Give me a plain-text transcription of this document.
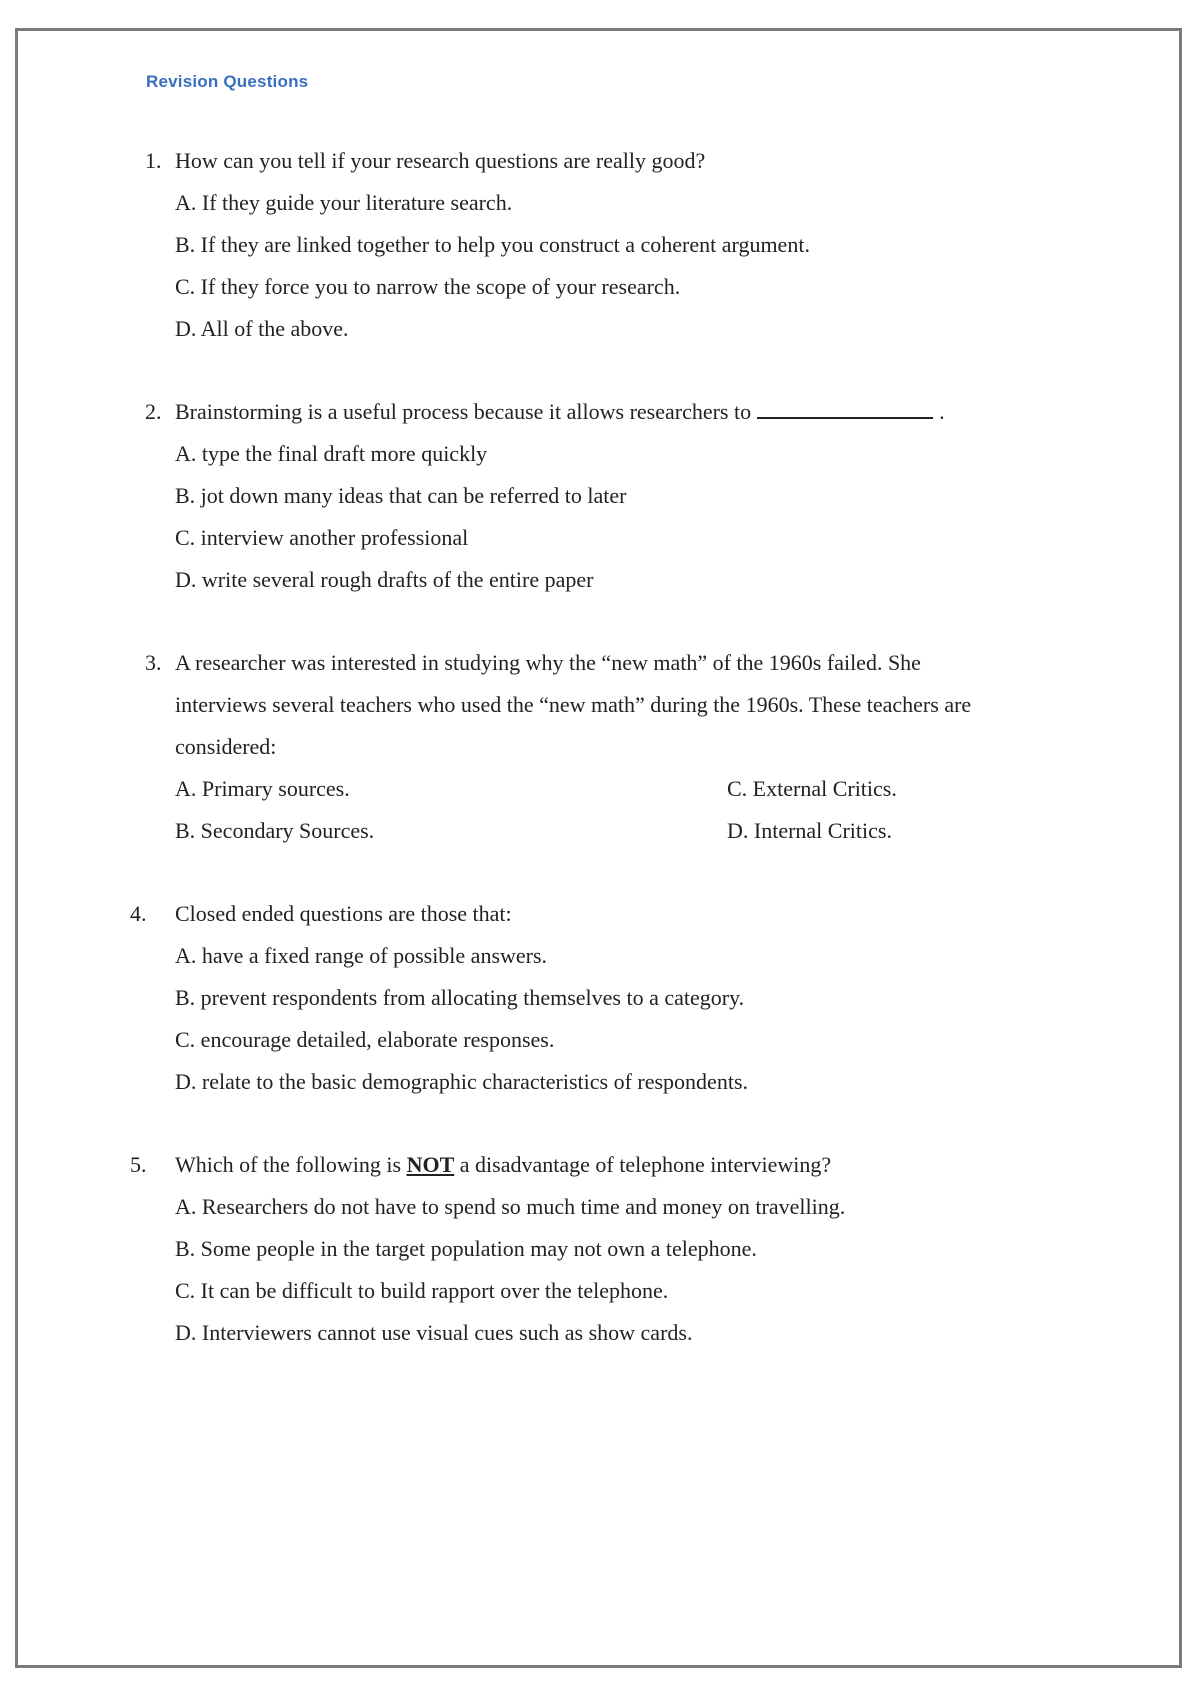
Revision Questions
1. How can you tell if your research questions are really good?
A. If they guide your literature search.
B. If they are linked together to help you construct a coherent argument.
C. If they force you to narrow the scope of your research.
D. All of the above.
2. Brainstorming is a useful process because it allows researchers to	.
A. type the final draft more quickly
B. jot down many ideas that can be referred to later
C. interview another professional
D. write several rough drafts of the entire paper
3. A researcher was interested in studying why the “new math” of the 1960s failed. She
interviews several teachers who used the “new math” during the 1960s. These teachers are
considered:
A. Primary sources.	C. External Critics.
B. Secondary Sources.	D. Internal Critics.
4. Closed ended questions are those that:
A. have a fixed range of possible answers.
B. prevent respondents from allocating themselves to a category.
C. encourage detailed, elaborate responses.
D. relate to the basic demographic characteristics of respondents.
5. Which of the following is NOT a disadvantage of telephone interviewing?
A. Researchers do not have to spend so much time and money on travelling.
B. Some people in the target population may not own a telephone.
C. It can be difficult to build rapport over the telephone.
D. Interviewers cannot use visual cues such as show cards.
